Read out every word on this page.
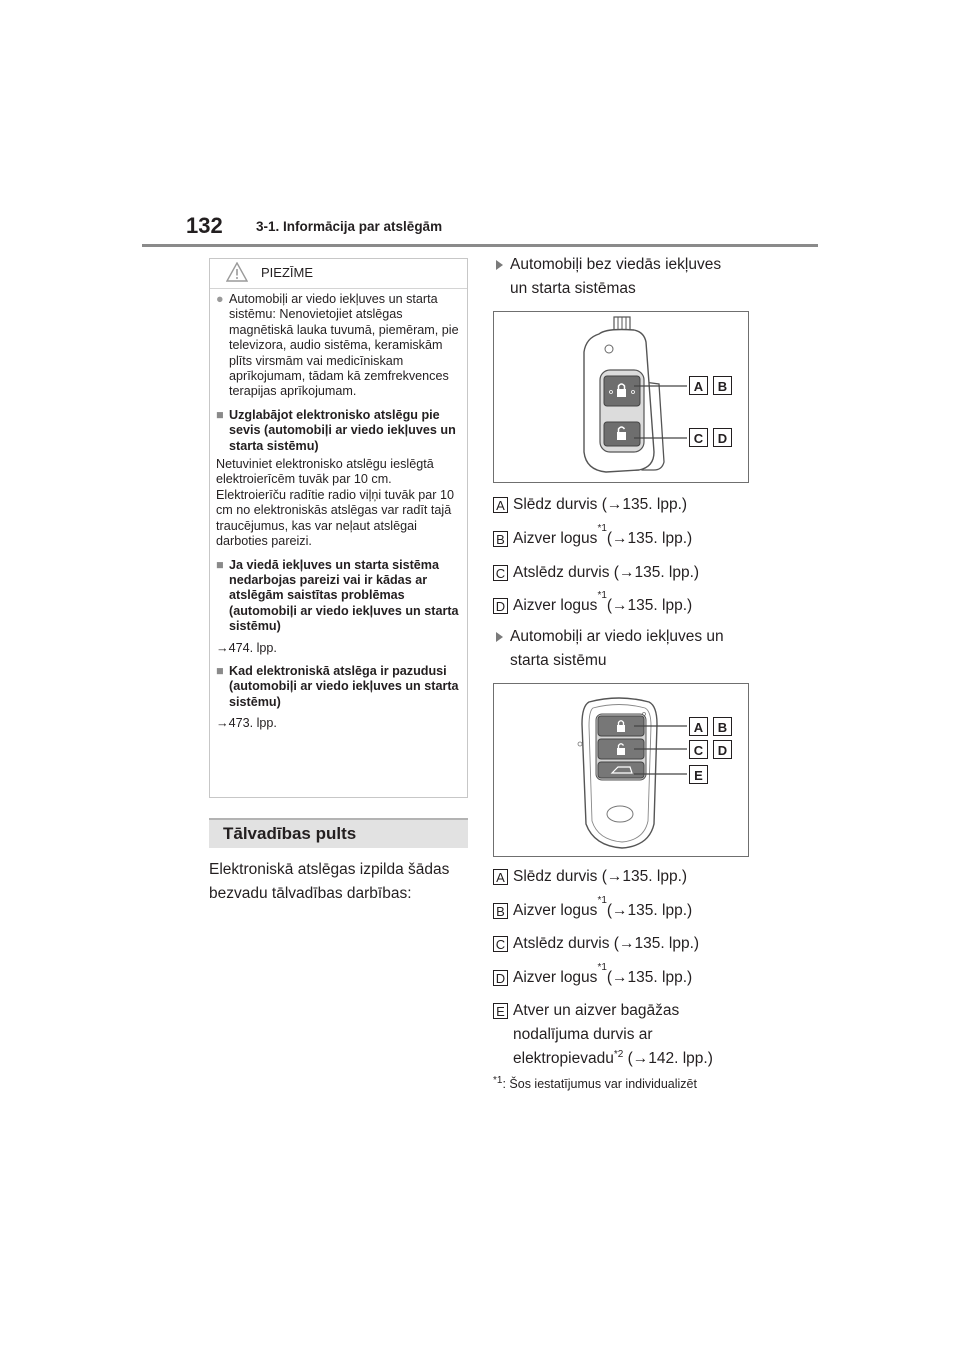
132 3-1. Informācija par atslēgām
PIEZĪME
● Automobiļi ar viedo iekļuves un starta sistēmu: Nenovietojiet atslēgas magnētiskā lauka tuvumā, piemēram, pie televizora, audio sistēma, keramiskām plīts virsmām vai medicīniskam aprīkojumam, tādam kā zemfrekvences terapijas aprīkojumam.

■ Uzglabājot elektronisko atslēgu pie sevis (automobiļi ar viedo iekļuves un starta sistēmu)

Netuviniet elektronisko atslēgu ieslēgtā elektroierīcēm tuvāk par 10 cm. Elektroierīču radītie radio viļņi tuvāk par 10 cm no elektroniskās atslēgas var radīt tajā traucējumus, kas var neļaut atslēgai darboties pareizi.

■ Ja viedā iekļuves un starta sistēma nedarbojas pareizi vai ir kādas ar atslēgām saistītas problēmas (automobiļi ar viedo iekļuves un starta sistēmu)

→474. lpp.

■ Kad elektroniskā atslēga ir pazudusi (automobiļi ar viedo iekļuves un starta sistēmu)

→473. lpp.

Tālvadības pults
Elektroniskā atslēgas izpilda šādas bezvadu tālvadības darbības:
Automobiļi bez viedās iekļuves
un starta sistēmas
A	B
C	D
A Slēdz durvis ( →135. lpp.)
B Aizver logus
*1
(→135. lpp.)
C Atslēdz durvis ( →135. lpp.)
D Aizver logus
*1
(→135. lpp.)
Automobiļi ar viedo iekļuves un
starta sistēmu
A	B
C	D
E
A Slēdz durvis ( →135. lpp.)
B Aizver logus
*1
(→135. lpp.)
C Atslēdz durvis ( →135. lpp.)
D Aizver logus
*1
(→135. lpp.)
E Atver un aizver bagāžas
nodalījuma durvis ar
elektropievadu$^{*2}$ (→142. lpp.)
$^{*1}$: Šos iestatījumus var individualizēt
